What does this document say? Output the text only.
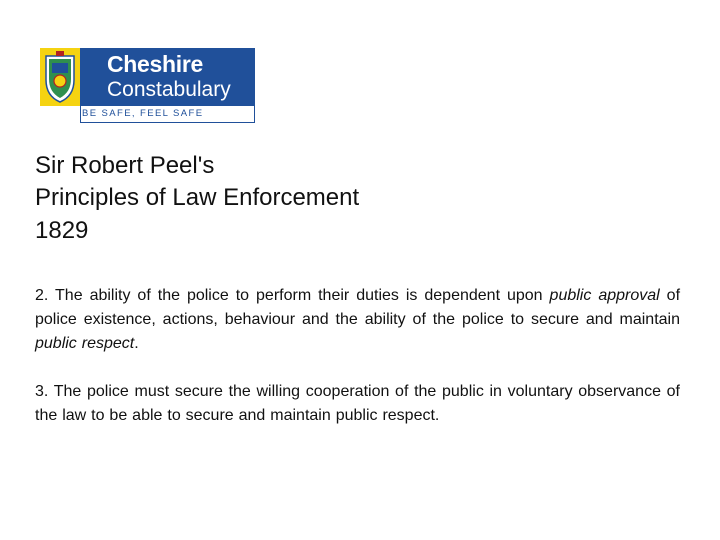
Cheshire
Constabulary
BE SAFE, FEEL SAFE
Sir Robert Peel's
Principles of Law Enforcement
1829

2. The ability of the police to perform their duties is dependent upon public approval of police existence, actions, behaviour and the ability of the police to secure and maintain public respect.

3. The police must secure the willing cooperation of the public in voluntary observance of the law to be able to secure and maintain public respect.
